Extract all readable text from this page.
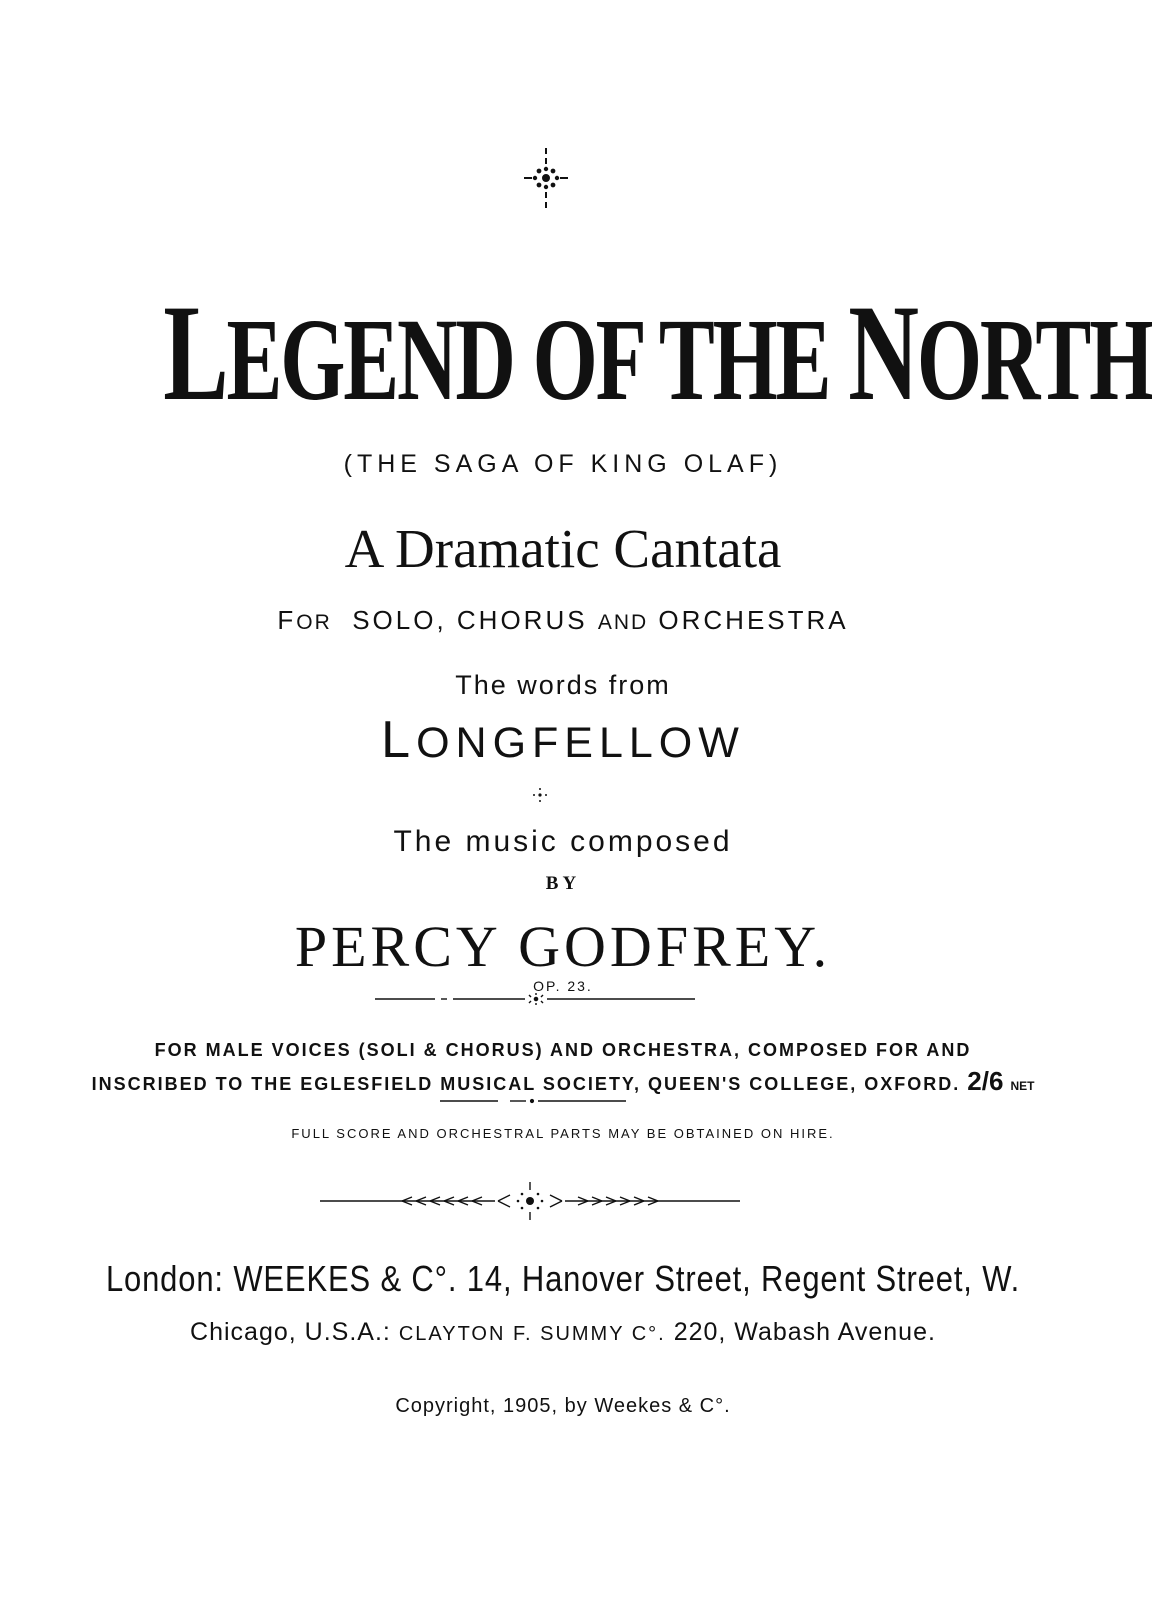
LEGEND OF THE NORTH
(THE SAGA OF KING OLAF)
A Dramatic Cantata
FOR SOLO, CHORUS AND ORCHESTRA
The words from
LONGFELLOW
The music composed
BY
PERCY GODFREY.
OP. 23.
FOR MALE VOICES (SOLI & CHORUS) AND ORCHESTRA, COMPOSED FOR AND
INSCRIBED TO THE EGLESFIELD MUSICAL SOCIETY, QUEEN'S COLLEGE, OXFORD. 2/6 NET
FULL SCORE AND ORCHESTRAL PARTS MAY BE OBTAINED ON HIRE.
London: WEEKES & C°. 14, Hanover Street, Regent Street, W.
Chicago, U.S.A.: CLAYTON F. SUMMY C°. 220, Wabash Avenue.
Copyright, 1905, by Weekes & C°.
